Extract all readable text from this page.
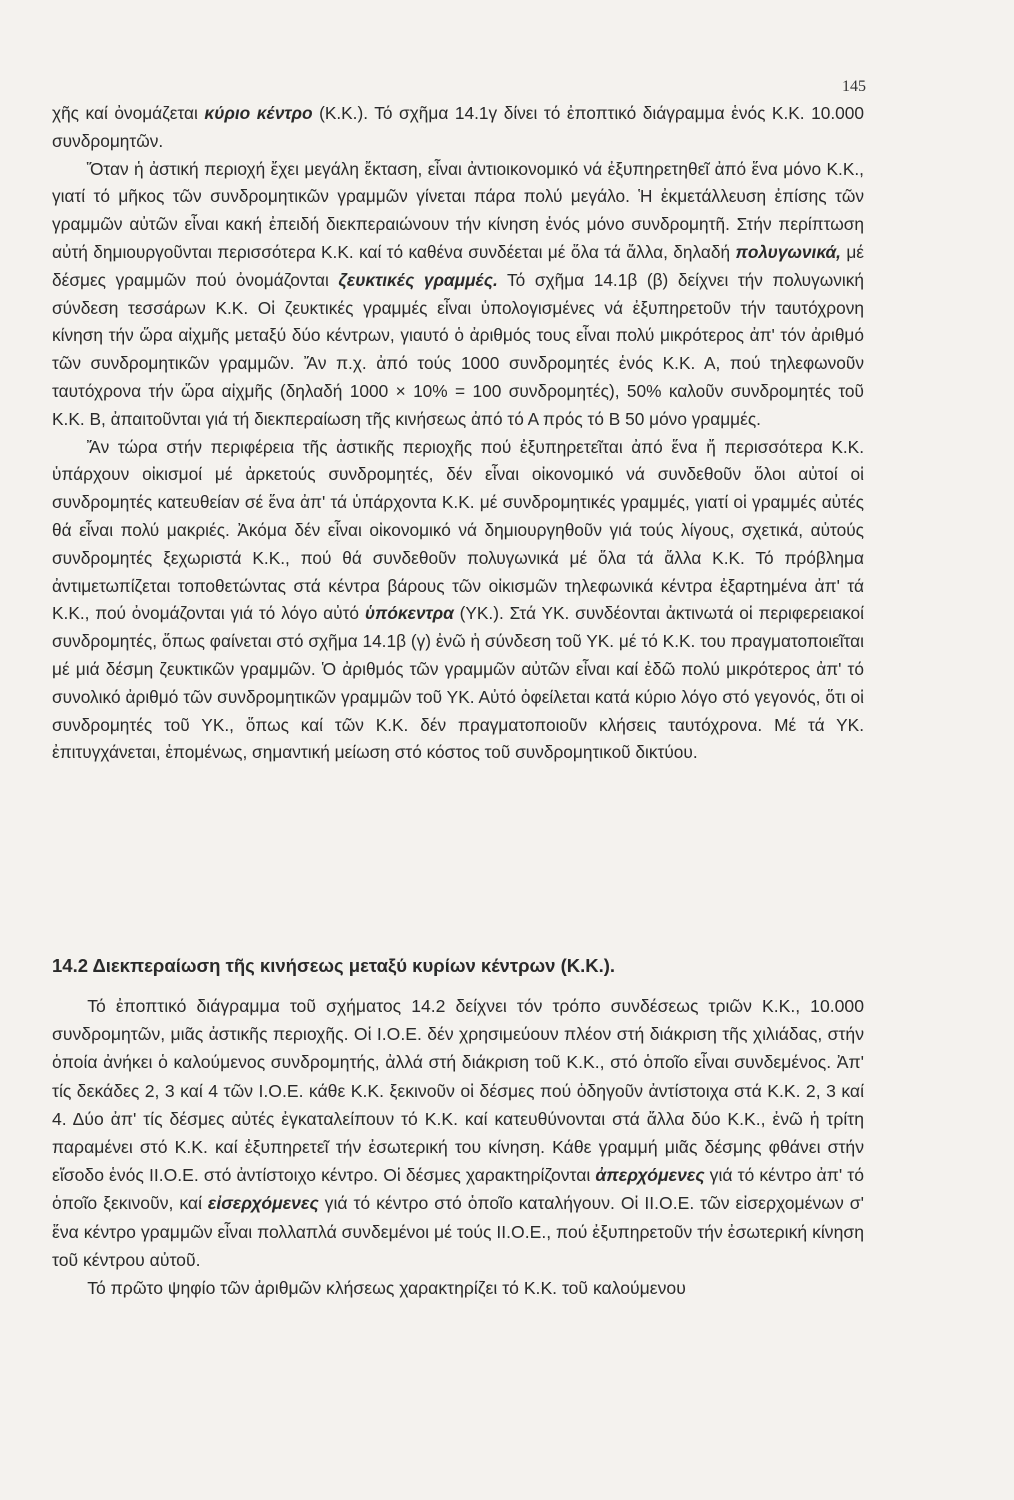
145

χῆς καί ὀνομάζεται κύριο κέντρο (Κ.Κ.). Τό σχῆμα 14.1γ δίνει τό ἐποπτικό διάγραμμα ἑνός Κ.Κ. 10.000 συνδρομητῶν.

Ὅταν ἡ ἀστική περιοχή ἔχει μεγάλη ἔκταση, εἶναι ἀντιοικονομικό νά ἐξυπηρετηθεῖ ἀπό ἕνα μόνο Κ.Κ., γιατί τό μῆκος τῶν συνδρομητικῶν γραμμῶν γίνεται πάρα πολύ μεγάλο. Ἡ ἐκμετάλλευση ἐπίσης τῶν γραμμῶν αὐτῶν εἶναι κακή ἐπειδή διεκπεραιώνουν τήν κίνηση ἑνός μόνο συνδρομητῆ. Στήν περίπτωση αὐτή δημιουργοῦνται περισσότερα Κ.Κ. καί τό καθένα συνδέεται μέ ὅλα τά ἄλλα, δηλαδή πολυγωνικά, μέ δέσμες γραμμῶν πού ὀνομάζονται ζευκτικές γραμμές. Τό σχῆμα 14.1β (β) δείχνει τήν πολυγωνική σύνδεση τεσσάρων Κ.Κ. Οἱ ζευκτικές γραμμές εἶναι ὑπολογισμένες νά ἐξυπηρετοῦν τήν ταυτόχρονη κίνηση τήν ὥρα αἰχμῆς μεταξύ δύο κέντρων, γιαυτό ὁ ἀριθμός τους εἶναι πολύ μικρότερος ἀπ' τόν ἀριθμό τῶν συνδρομητικῶν γραμμῶν. Ἄν π.χ. ἀπό τούς 1000 συνδρομητές ἑνός Κ.Κ. Α, πού τηλεφωνοῦν ταυτόχρονα τήν ὥρα αἰχμῆς (δηλαδή 1000 × 10% = 100 συνδρομητές), 50% καλοῦν συνδρομητές τοῦ Κ.Κ. Β, ἀπαιτοῦνται γιά τή διεκπεραίωση τῆς κινήσεως ἀπό τό Α πρός τό Β 50 μόνο γραμμές.

Ἄν τώρα στήν περιφέρεια τῆς ἀστικῆς περιοχῆς πού ἐξυπηρετεῖται ἀπό ἕνα ἤ περισσότερα Κ.Κ. ὑπάρχουν οἰκισμοί μέ ἀρκετούς συνδρομητές, δέν εἶναι οἰκονομικό νά συνδεθοῦν ὅλοι αὐτοί οἱ συνδρομητές κατευθείαν σέ ἕνα ἀπ' τά ὑπάρχοντα Κ.Κ. μέ συνδρομητικές γραμμές, γιατί οἱ γραμμές αὐτές θά εἶναι πολύ μακριές. Ἀκόμα δέν εἶναι οἰκονομικό νά δημιουργηθοῦν γιά τούς λίγους, σχετικά, αὐτούς συνδρομητές ξεχωριστά Κ.Κ., πού θά συνδεθοῦν πολυγωνικά μέ ὅλα τά ἄλλα Κ.Κ. Τό πρόβλημα ἀντιμετωπίζεται τοποθετώντας στά κέντρα βάρους τῶν οἰκισμῶν τηλεφωνικά κέντρα ἐξαρτημένα ἀπ' τά Κ.Κ., πού ὀνομάζονται γιά τό λόγο αὐτό ὑπόκεντρα (ΥΚ.). Στά ΥΚ. συνδέονται ἀκτινωτά οἱ περιφερειακοί συνδρομητές, ὅπως φαίνεται στό σχῆμα 14.1β (γ) ἐνῶ ἡ σύνδεση τοῦ ΥΚ. μέ τό Κ.Κ. του πραγματοποιεῖται μέ μιά δέσμη ζευκτικῶν γραμμῶν. Ὁ ἀριθμός τῶν γραμμῶν αὐτῶν εἶναι καί ἐδῶ πολύ μικρότερος ἀπ' τό συνολικό ἀριθμό τῶν συνδρομητικῶν γραμμῶν τοῦ ΥΚ. Αὐτό ὀφείλεται κατά κύριο λόγο στό γεγονός, ὅτι οἱ συνδρομητές τοῦ ΥΚ., ὅπως καί τῶν Κ.Κ. δέν πραγματοποιοῦν κλήσεις ταυτόχρονα. Μέ τά ΥΚ. ἐπιτυγχάνεται, ἑπομένως, σημαντική μείωση στό κόστος τοῦ συνδρομητικοῦ δικτύου.

14.2 Διεκπεραίωση τῆς κινήσεως μεταξύ κυρίων κέντρων (Κ.Κ.).

Τό ἐποπτικό διάγραμμα τοῦ σχήματος 14.2 δείχνει τόν τρόπο συνδέσεως τριῶν Κ.Κ., 10.000 συνδρομητῶν, μιᾶς ἀστικῆς περιοχῆς. Οἱ Ι.Ο.Ε. δέν χρησιμεύουν πλέον στή διάκριση τῆς χιλιάδας, στήν ὁποία ἀνήκει ὁ καλούμενος συνδρομητής, ἀλλά στή διάκριση τοῦ Κ.Κ., στό ὁποῖο εἶναι συνδεμένος. Ἀπ' τίς δεκάδες 2, 3 καί 4 τῶν Ι.Ο.Ε. κάθε Κ.Κ. ξεκινοῦν οἱ δέσμες πού ὁδηγοῦν ἀντίστοιχα στά Κ.Κ. 2, 3 καί 4. Δύο ἀπ' τίς δέσμες αὐτές ἐγκαταλείπουν τό Κ.Κ. καί κατευθύνονται στά ἄλλα δύο Κ.Κ., ἐνῶ ἡ τρίτη παραμένει στό Κ.Κ. καί ἐξυπηρετεῖ τήν ἐσωτερική του κίνηση. Κάθε γραμμή μιᾶς δέσμης φθάνει στήν εἴσοδο ἑνός ΙΙ.Ο.Ε. στό ἀντίστοιχο κέντρο. Οἱ δέσμες χαρακτηρίζονται ἀπερχόμενες γιά τό κέντρο ἀπ' τό ὁποῖο ξεκινοῦν, καί εἰσερχόμενες γιά τό κέντρο στό ὁποῖο καταλήγουν. Οἱ ΙΙ.Ο.Ε. τῶν εἰσερχομένων σ' ἕνα κέντρο γραμμῶν εἶναι πολλαπλά συνδεμένοι μέ τούς ΙΙ.Ο.Ε., πού ἐξυπηρετοῦν τήν ἐσωτερική κίνηση τοῦ κέντρου αὐτοῦ.

Τό πρῶτο ψηφίο τῶν ἀριθμῶν κλήσεως χαρακτηρίζει τό Κ.Κ. τοῦ καλούμενου
